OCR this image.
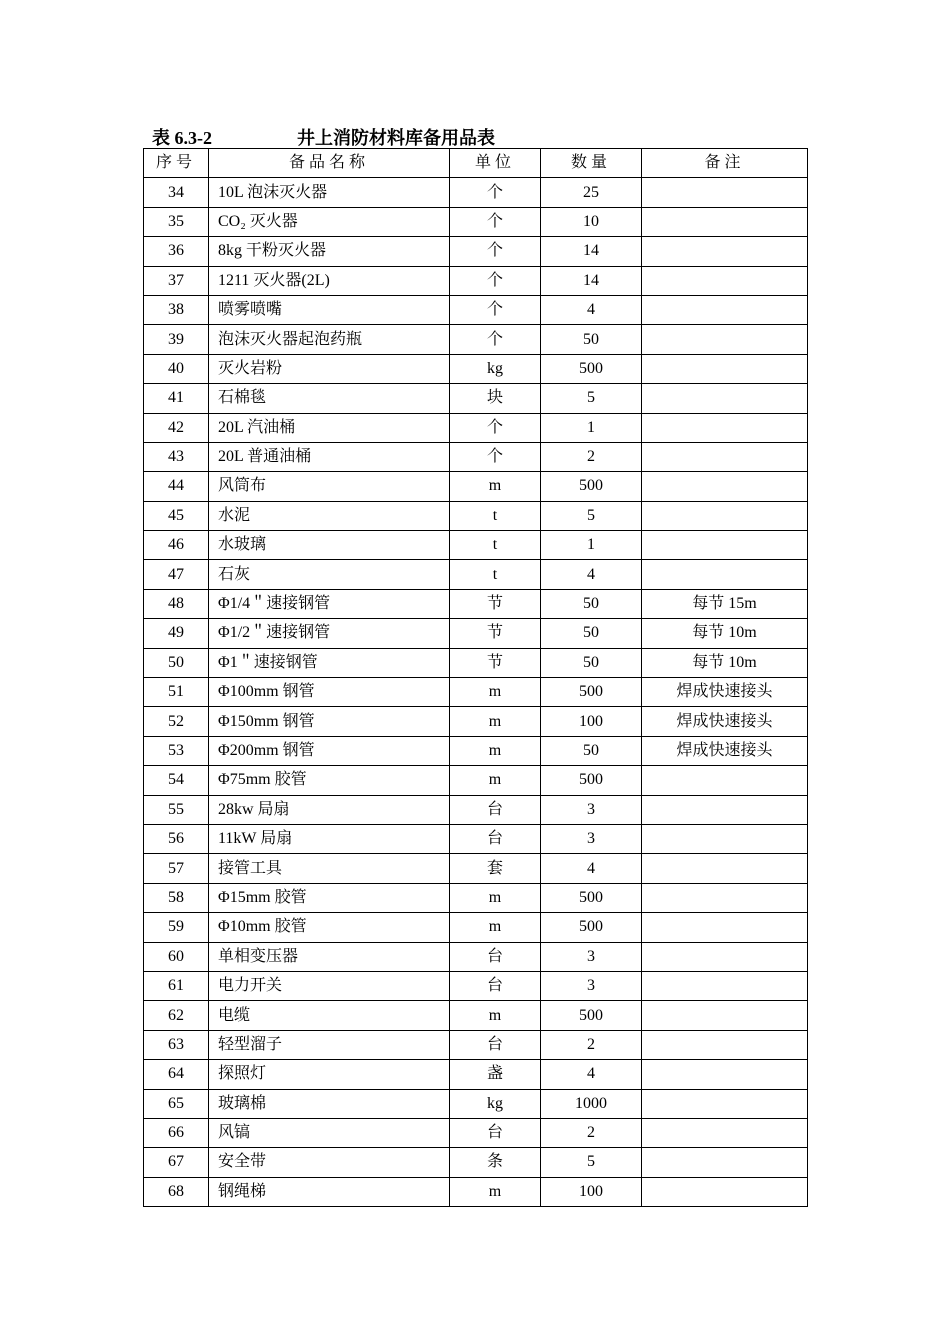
表 6.3-2	井上消防材料库备用品表
序号	备品名称	单位	数量	备注
34	10L 泡沫灭火器	个	25	
35	CO₂ 灭火器	个	10	
36	8kg 干粉灭火器	个	14	
37	1211 灭火器(2L)	个	14	
38	喷雾喷嘴	个	4	
39	泡沫灭火器起泡药瓶	个	50	
40	灭火岩粉	kg	500	
41	石棉毯	块	5	
42	20L 汽油桶	个	1	
43	20L 普通油桶	个	2	
44	风筒布	m	500	
45	水泥	t	5	
46	水玻璃	t	1	
47	石灰	t	4	
48	Φ1/4＂速接钢管	节	50	每节 15m
49	Φ1/2＂速接钢管	节	50	每节 10m
50	Φ1＂速接钢管	节	50	每节 10m
51	Φ100mm 钢管	m	500	焊成快速接头
52	Φ150mm 钢管	m	100	焊成快速接头
53	Φ200mm 钢管	m	50	焊成快速接头
54	Φ75mm 胶管	m	500	
55	28kw 局扇	台	3	
56	11kW 局扇	台	3	
57	接管工具	套	4	
58	Φ15mm 胶管	m	500	
59	Φ10mm 胶管	m	500	
60	单相变压器	台	3	
61	电力开关	台	3	
62	电缆	m	500	
63	轻型溜子	台	2	
64	探照灯	盏	4	
65	玻璃棉	kg	1000	
66	风镐	台	2	
67	安全带	条	5	
68	钢绳梯	m	100	
